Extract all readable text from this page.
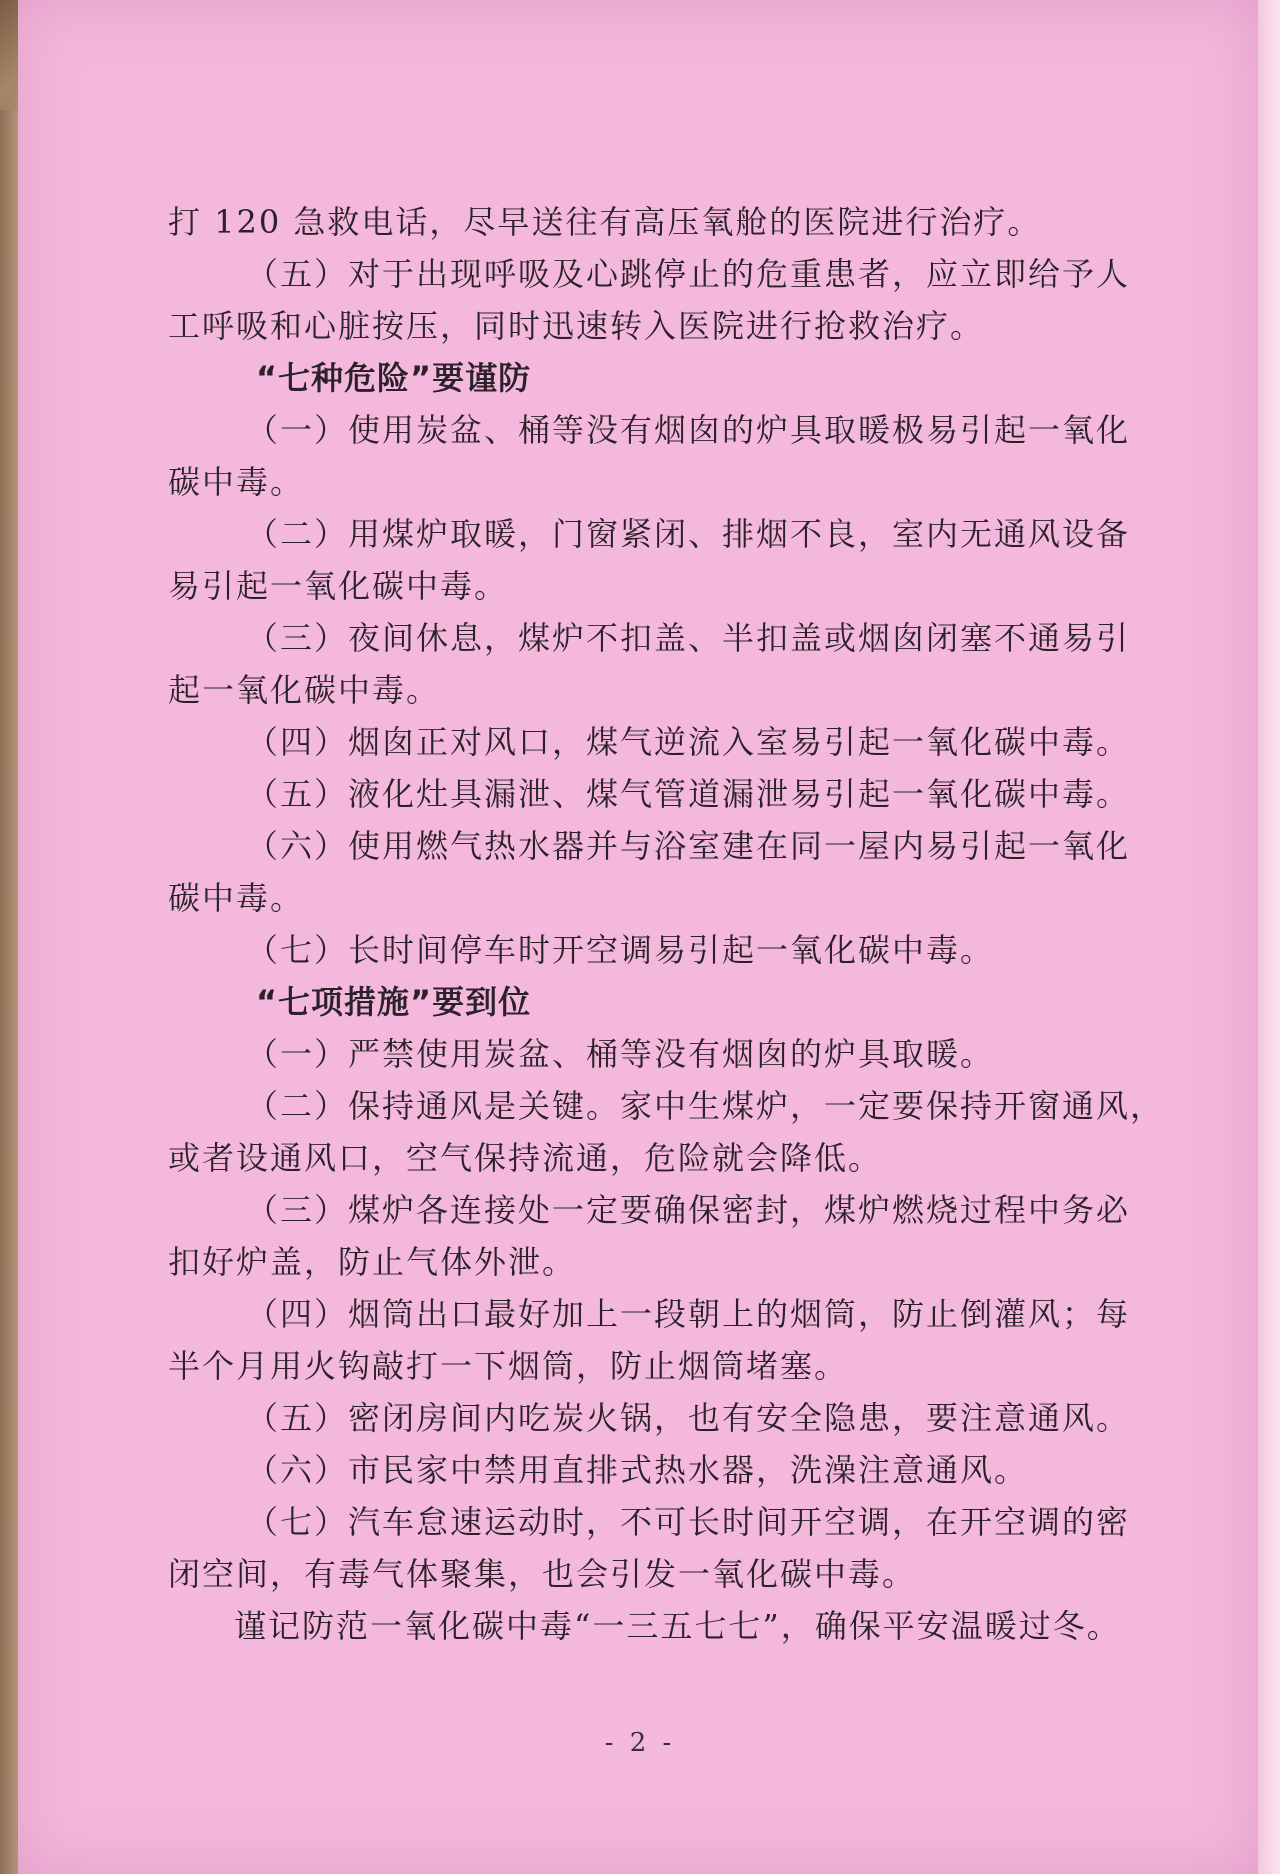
打 120 急救电话，尽早送往有高压氧舱的医院进行治疗。
（五）对于出现呼吸及心跳停止的危重患者，应立即给予人
工呼吸和心脏按压，同时迅速转入医院进行抢救治疗。
“七种危险”要谨防
（一）使用炭盆、桶等没有烟囱的炉具取暖极易引起一氧化
碳中毒。
（二）用煤炉取暖，门窗紧闭、排烟不良，室内无通风设备
易引起一氧化碳中毒。
（三）夜间休息，煤炉不扣盖、半扣盖或烟囱闭塞不通易引
起一氧化碳中毒。
（四）烟囱正对风口，煤气逆流入室易引起一氧化碳中毒。
（五）液化灶具漏泄、煤气管道漏泄易引起一氧化碳中毒。
（六）使用燃气热水器并与浴室建在同一屋内易引起一氧化
碳中毒。
（七）长时间停车时开空调易引起一氧化碳中毒。
“七项措施”要到位
（一）严禁使用炭盆、桶等没有烟囱的炉具取暖。
（二）保持通风是关键。家中生煤炉，一定要保持开窗通风，
或者设通风口，空气保持流通，危险就会降低。
（三）煤炉各连接处一定要确保密封，煤炉燃烧过程中务必
扣好炉盖，防止气体外泄。
（四）烟筒出口最好加上一段朝上的烟筒，防止倒灌风；每
半个月用火钩敲打一下烟筒，防止烟筒堵塞。
（五）密闭房间内吃炭火锅，也有安全隐患，要注意通风。
（六）市民家中禁用直排式热水器，洗澡注意通风。
（七）汽车怠速运动时，不可长时间开空调，在开空调的密
闭空间，有毒气体聚集，也会引发一氧化碳中毒。
谨记防范一氧化碳中毒“一三五七七”，确保平安温暖过冬。
- 2 -
